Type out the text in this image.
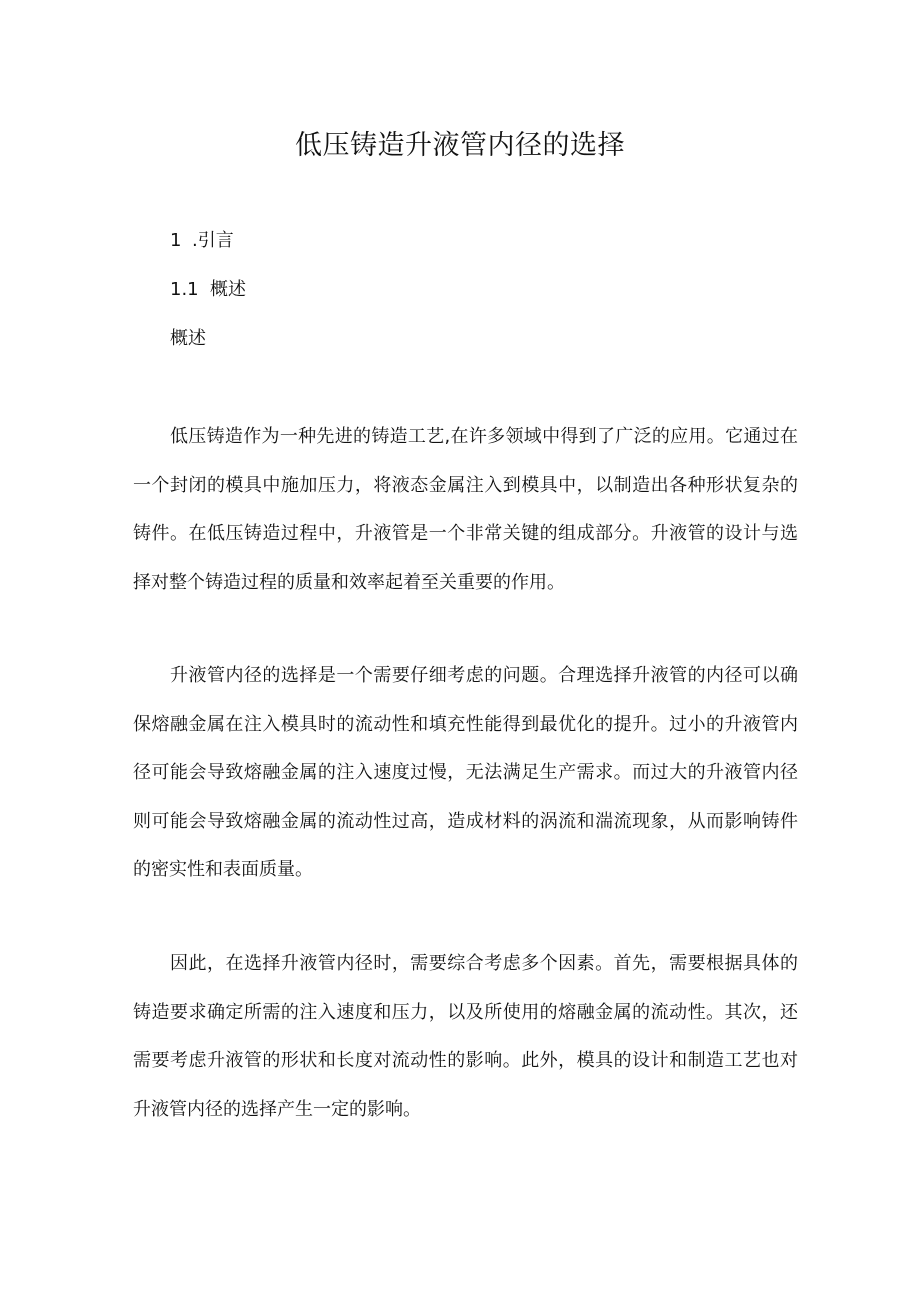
低压铸造升液管内径的选择
1 .引言
1.1 概述
概述

低压铸造作为一种先进的铸造工艺,在许多领域中得到了广泛的应用。它通过在一个封闭的模具中施加压力，将液态金属注入到模具中，以制造出各种形状复杂的铸件。在低压铸造过程中，升液管是一个非常关键的组成部分。升液管的设计与选择对整个铸造过程的质量和效率起着至关重要的作用。

升液管内径的选择是一个需要仔细考虑的问题。合理选择升液管的内径可以确保熔融金属在注入模具时的流动性和填充性能得到最优化的提升。过小的升液管内径可能会导致熔融金属的注入速度过慢，无法满足生产需求。而过大的升液管内径则可能会导致熔融金属的流动性过高，造成材料的涡流和湍流现象，从而影响铸件的密实性和表面质量。

因此，在选择升液管内径时，需要综合考虑多个因素。首先，需要根据具体的铸造要求确定所需的注入速度和压力，以及所使用的熔融金属的流动性。其次，还需要考虑升液管的形状和长度对流动性的影响。此外，模具的设计和制造工艺也对升液管内径的选择产生一定的影响。
